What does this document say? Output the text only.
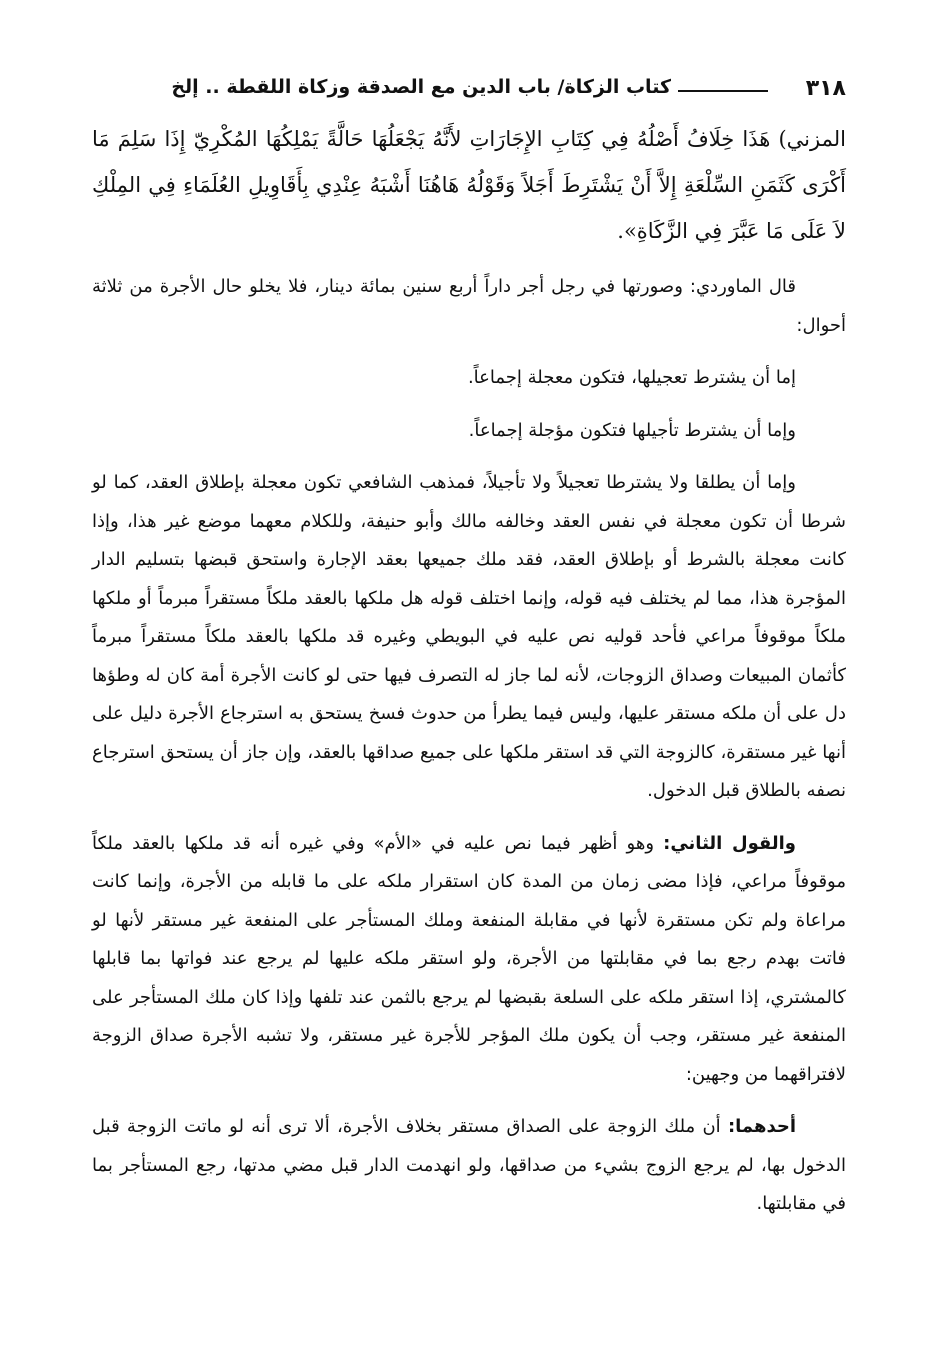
٣١٨
كتاب الزكاة/ باب الدين مع الصدقة وزكاة اللقطة .. إلخ

المزني) هَذَا خِلَافُ أَصْلُهُ فِي كِتَابِ الإِجَارَاتِ لأَنَّهُ يَجْعَلُهَا حَالَّةً يَمْلِكُهَا المُكْرِيّ إِذَا سَلِمَ مَا أَكْرَى كَثَمَنِ السِّلْعَةِ إِلاَّ أَنْ يَشْتَرِطَ أَجَلاً وَقَوْلُهُ هَاهُنَا أَشْبَهُ عِنْدِي بِأَقَاوِيلِ العُلَمَاءِ فِي المِلْكِ لاَ عَلَى مَا عَبَّرَ فِي الزَّكَاةِ».

قال الماوردي: وصورتها في رجل أجر داراً أربع سنين بمائة دينار، فلا يخلو حال الأجرة من ثلاثة أحوال:

إما أن يشترط تعجيلها، فتكون معجلة إجماعاً.

وإما أن يشترط تأجيلها فتكون مؤجلة إجماعاً.

وإما أن يطلقا ولا يشترطا تعجيلاً ولا تأجيلاً، فمذهب الشافعي تكون معجلة بإطلاق العقد، كما لو شرطا أن تكون معجلة في نفس العقد وخالفه مالك وأبو حنيفة، وللكلام معهما موضع غير هذا، وإذا كانت معجلة بالشرط أو بإطلاق العقد، فقد ملك جميعها بعقد الإجارة واستحق قبضها بتسليم الدار المؤجرة هذا، مما لم يختلف فيه قوله، وإنما اختلف قوله هل ملكها بالعقد ملكاً مستقراً مبرماً أو ملكها ملكاً موقوفاً مراعي فأحد قوليه نص عليه في البويطي وغيره قد ملكها بالعقد ملكاً مستقراً مبرماً كأثمان المبيعات وصداق الزوجات، لأنه لما جاز له التصرف فيها حتى لو كانت الأجرة أمة كان له وطؤها دل على أن ملكه مستقر عليها، وليس فيما يطرأ من حدوث فسخ يستحق به استرجاع الأجرة دليل على أنها غير مستقرة، كالزوجة التي قد استقر ملكها على جميع صداقها بالعقد، وإن جاز أن يستحق استرجاع نصفه بالطلاق قبل الدخول.

والقول الثاني: وهو أظهر فيما نص عليه في «الأم» وفي غيره أنه قد ملكها بالعقد ملكاً موقوفاً مراعي، فإذا مضى زمان من المدة كان استقرار ملكه على ما قابله من الأجرة، وإنما كانت مراعاة ولم تكن مستقرة لأنها في مقابلة المنفعة وملك المستأجر على المنفعة غير مستقر لأنها لو فاتت بهدم رجع بما في مقابلتها من الأجرة، ولو استقر ملكه عليها لم يرجع عند فواتها بما قابلها كالمشتري، إذا استقر ملكه على السلعة بقبضها لم يرجع بالثمن عند تلفها وإذا كان ملك المستأجر على المنفعة غير مستقر، وجب أن يكون ملك المؤجر للأجرة غير مستقر، ولا تشبه الأجرة صداق الزوجة لافتراقهما من وجهين:

أحدهما: أن ملك الزوجة على الصداق مستقر بخلاف الأجرة، ألا ترى أنه لو ماتت الزوجة قبل الدخول بها، لم يرجع الزوج بشيء من صداقها، ولو انهدمت الدار قبل مضي مدتها، رجع المستأجر بما في مقابلتها.
